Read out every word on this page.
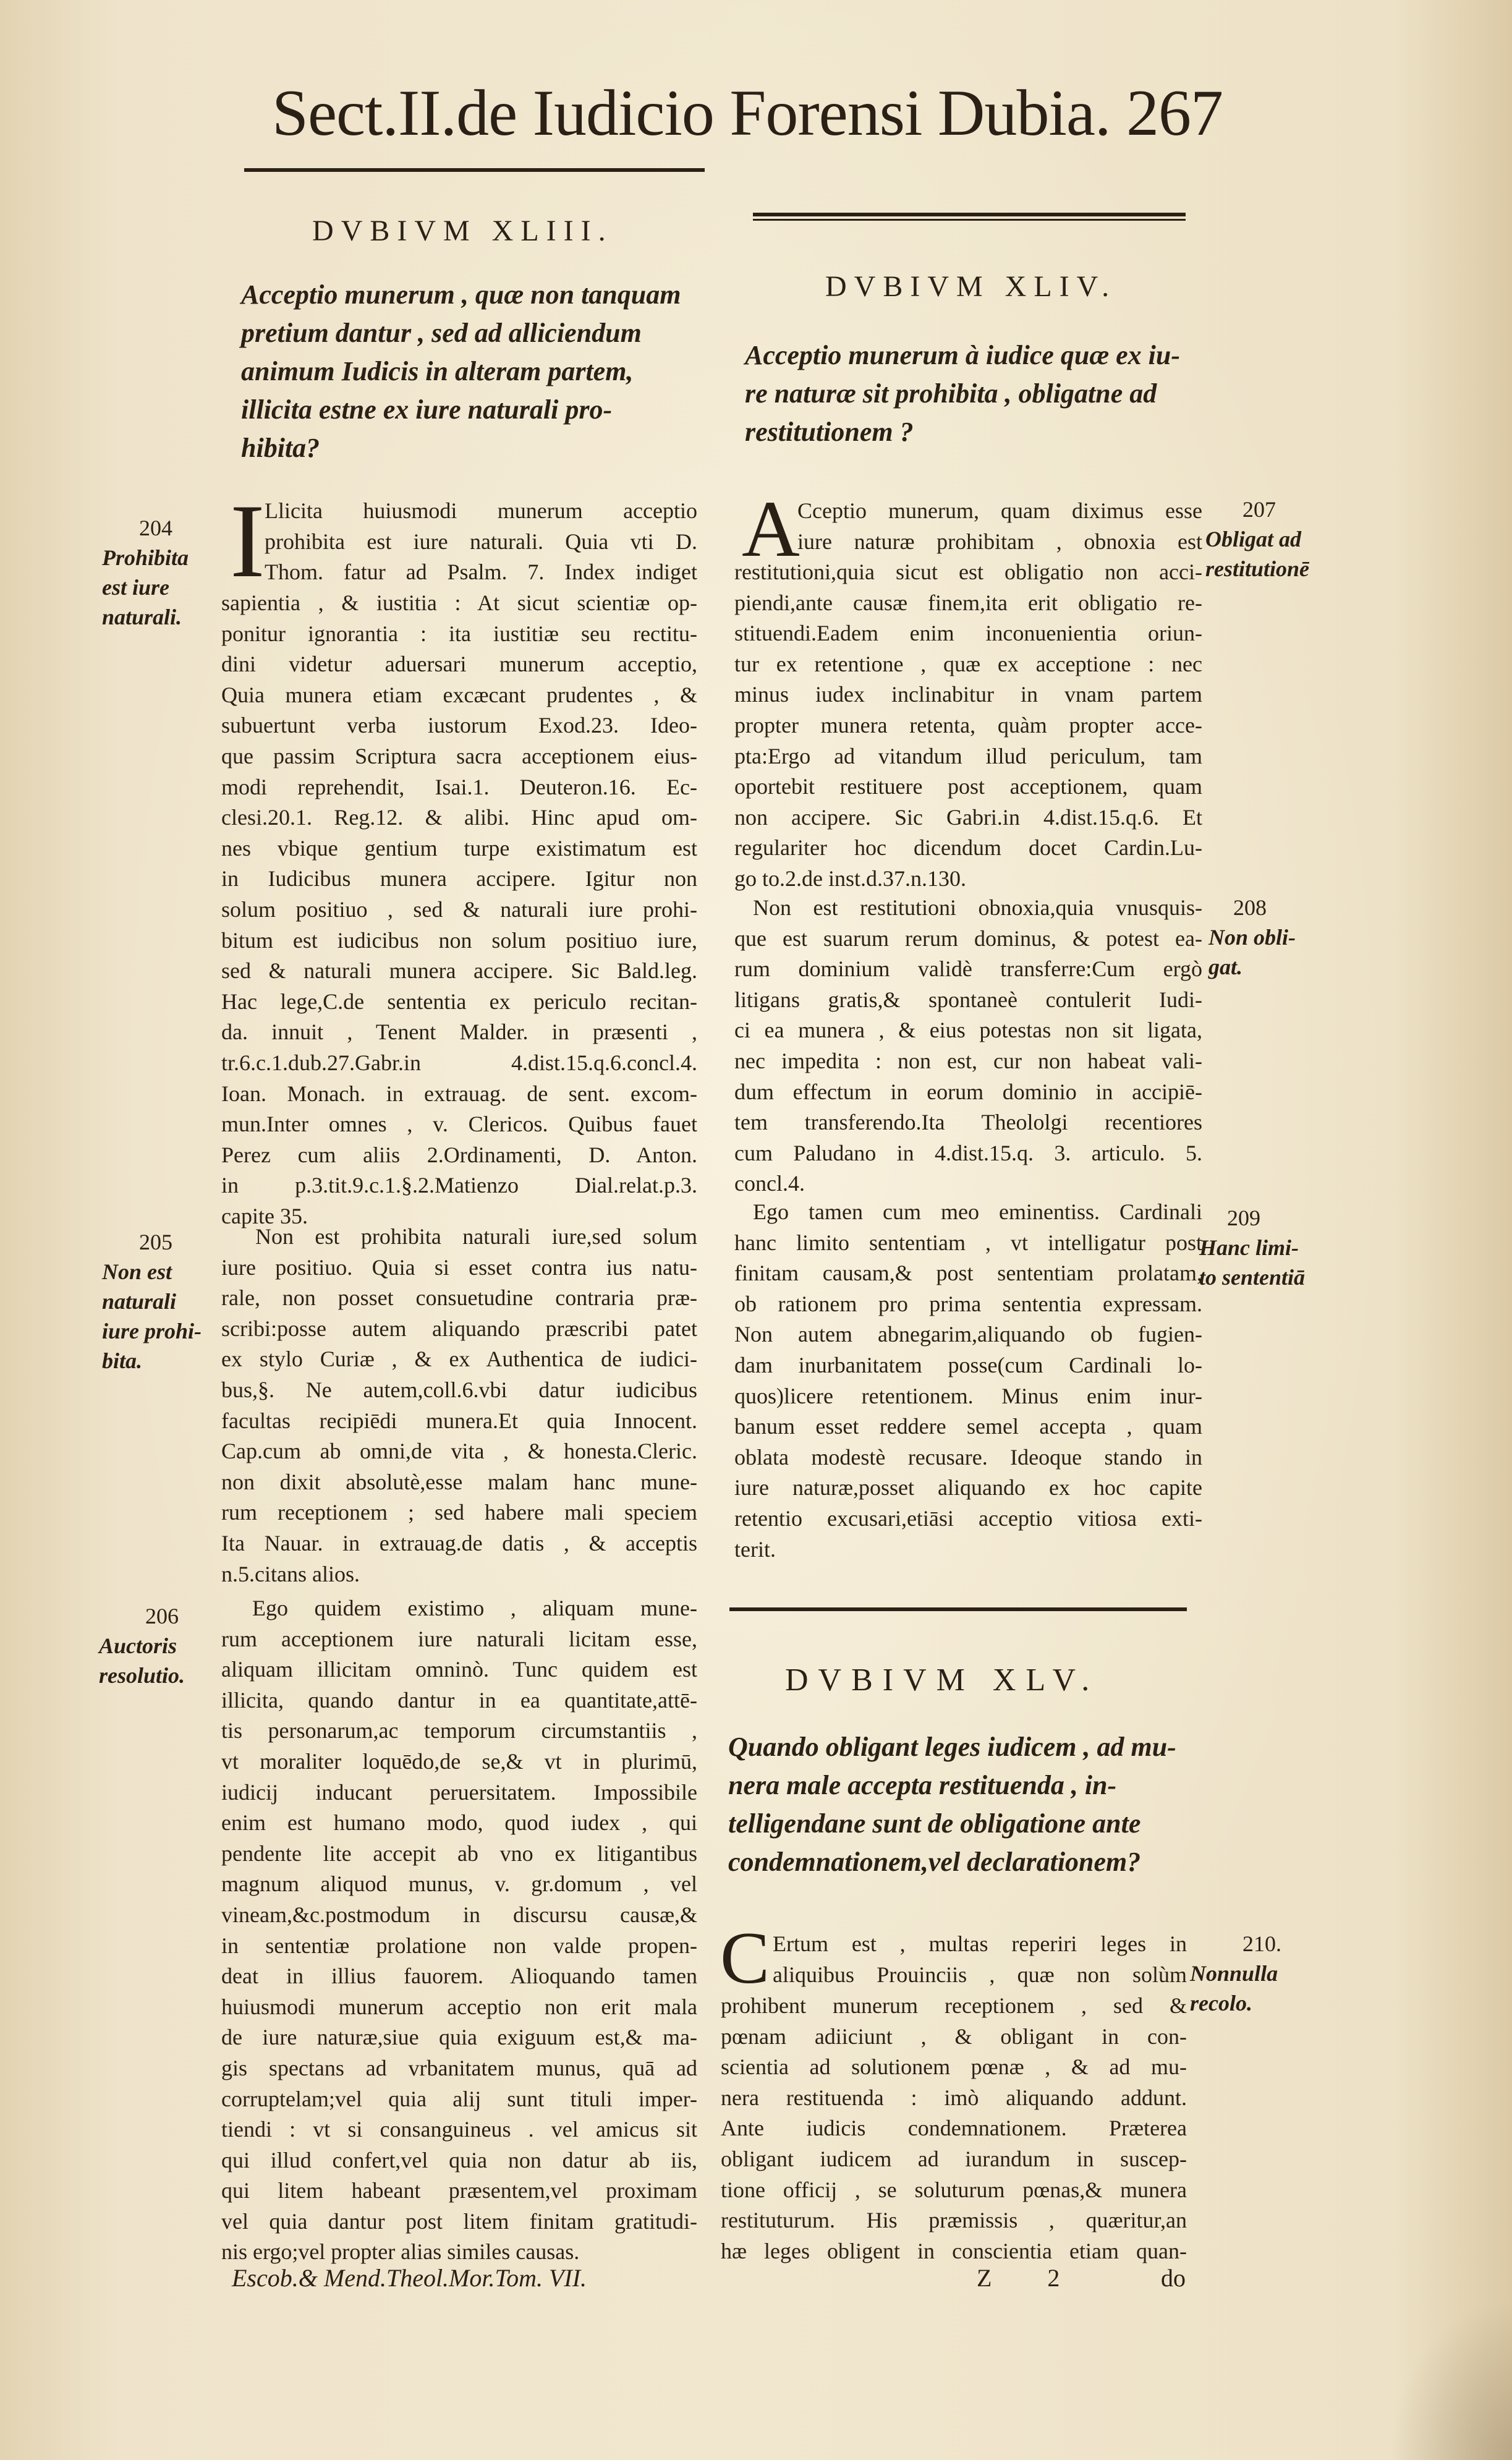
Sect.II.de Iudicio Forensi Dubia. 267
DVBIVM XLIII.
Acceptio munerum , quæ non tanquam
pretium dantur , sed ad alliciendum
animum Iudicis in alteram partem,
illicita estne ex iure naturali pro-
hibita?
DVBIVM XLIV.
Acceptio munerum à iudice quæ ex iu-
re naturæ sit prohibita , obligatne ad
restitutionem ?
204
Prohibita
est iure
naturali.
205
Non est
naturali
iure prohi-
bita.
206
Auctoris
resolutio.
I Llicita huiusmodi munerum acceptio
prohibita est iure naturali. Quia vti D.
Thom. fatur ad Psalm. 7. Index indiget
sapientia , & iustitia : At sicut scientiæ op-
ponitur ignorantia : ita iustitiæ seu rectitu-
dini videtur aduersari munerum acceptio,
Quia munera etiam excæcant prudentes , &
subuertunt verba iustorum Exod.23. Ideo-
que passim Scriptura sacra acceptionem eius-
modi reprehendit, Isai.1. Deuteron.16. Ec-
clesi.20.1. Reg.12. & alibi. Hinc apud om-
nes vbique gentium turpe existimatum est
in Iudicibus munera accipere. Igitur non
solum positiuo , sed & naturali iure prohi-
bitum est iudicibus non solum positiuo iure,
sed & naturali munera accipere. Sic Bald.leg.
Hac lege,C.de sententia ex periculo recitan-
da. innuit , Tenent Malder. in præsenti ,
tr.6.c.1.dub.27.Gabr.in 4.dist.15.q.6.concl.4.
Ioan. Monach. in extrauag. de sent. excom-
mun.Inter omnes , v. Clericos. Quibus fauet
Perez cum aliis 2.Ordinamenti, D. Anton.
in p.3.tit.9.c.1.§.2.Matienzo Dial.relat.p.3.
capite 35.
Non est prohibita naturali iure,sed solum
iure positiuo. Quia si esset contra ius natu-
rale, non posset consuetudine contraria præ-
scribi:posse autem aliquando præscribi patet
ex stylo Curiæ , & ex Authentica de iudici-
bus,§. Ne autem,coll.6.vbi datur iudicibus
facultas recipiēdi munera.Et quia Innocent.
Cap.cum ab omni,de vita , & honesta.Cleric.
non dixit absolutè,esse malam hanc mune-
rum receptionem ; sed habere mali speciem
Ita Nauar. in extrauag.de datis , & acceptis
n.5.citans alios.
Ego quidem existimo , aliquam mune-
rum acceptionem iure naturali licitam esse,
aliquam illicitam omninò. Tunc quidem est
illicita, quando dantur in ea quantitate,attē-
tis personarum,ac temporum circumstantiis ,
vt moraliter loquēdo,de se,& vt in plurimū,
iudicij inducant peruersitatem. Impossibile
enim est humano modo, quod iudex , qui
pendente lite accepit ab vno ex litigantibus
magnum aliquod munus, v. gr.domum , vel
vineam,&c.postmodum in discursu causæ,&
in sententiæ prolatione non valde propen-
deat in illius fauorem. Alioquando tamen
huiusmodi munerum acceptio non erit mala
de iure naturæ,siue quia exiguum est,& ma-
gis spectans ad vrbanitatem munus, quā ad
corruptelam;vel quia alij sunt tituli imper-
tiendi : vt si consanguineus . vel amicus sit
qui illud confert,vel quia non datur ab iis,
qui litem habeant præsentem,vel proximam
vel quia dantur post litem finitam gratitudi-
nis ergo;vel propter alias similes causas.
Escob.& Mend.Theol.Mor.Tom. VII.
A
Cceptio munerum, quam diximus esse
iure naturæ prohibitam , obnoxia est
restitutioni,quia sicut est obligatio non acci-
piendi,ante causæ finem,ita erit obligatio re-
stituendi.Eadem enim inconuenientia oriun-
tur ex retentione , quæ ex acceptione : nec
minus iudex inclinabitur in vnam partem
propter munera retenta, quàm propter acce-
pta:Ergo ad vitandum illud periculum, tam
oportebit restituere post acceptionem, quam
non accipere. Sic Gabri.in 4.dist.15.q.6. Et
regulariter hoc dicendum docet Cardin.Lu-
go to.2.de inst.d.37.n.130.
Non est restitutioni obnoxia,quia vnusquis-
que est suarum rerum dominus, & potest ea-
rum dominium validè transferre:Cum ergò
litigans gratis,& spontaneè contulerit Iudi-
ci ea munera , & eius potestas non sit ligata,
nec impedita : non est, cur non habeat vali-
dum effectum in eorum dominio in accipiē-
tem transferendo.Ita Theololgi recentiores
cum Paludano in 4.dist.15.q. 3. articulo. 5.
concl.4.
Ego tamen cum meo eminentiss. Cardinali
hanc limito sententiam , vt intelligatur post
finitam causam,& post sententiam prolatam,
ob rationem pro prima sententia expressam.
Non autem abnegarim,aliquando ob fugien-
dam inurbanitatem posse(cum Cardinali lo-
quos)licere retentionem. Minus enim inur-
banum esset reddere semel accepta , quam
oblata modestè recusare. Ideoque stando in
iure naturæ,posset aliquando ex hoc capite
retentio excusari,etiāsi acceptio vitiosa exti-
terit.
DVBIVM XLV.
Quando obligant leges iudicem , ad mu-
nera male accepta restituenda , in-
telligendane sunt de obligatione ante
condemnationem,vel declarationem?
C Ertum est , multas reperiri leges in
aliquibus Prouinciis , quæ non solùm
prohibent munerum receptionem , sed &
pœnam adiiciunt , & obligant in con-
scientia ad solutionem pœnæ , & ad mu-
nera restituenda : imò aliquando addunt.
Ante iudicis condemnationem. Præterea
obligant iudicem ad iurandum in suscep-
tione officij , se soluturum pœnas,& munera
restituturum. His præmissis , quæritur,an
hæ leges obligent in conscientia etiam quan-
207
Obligat ad
restitutionē
208
Non obli-
gat.
209
Hanc limi-
to sententiā
210.
Nonnulla
recolo.
Z 2	do
